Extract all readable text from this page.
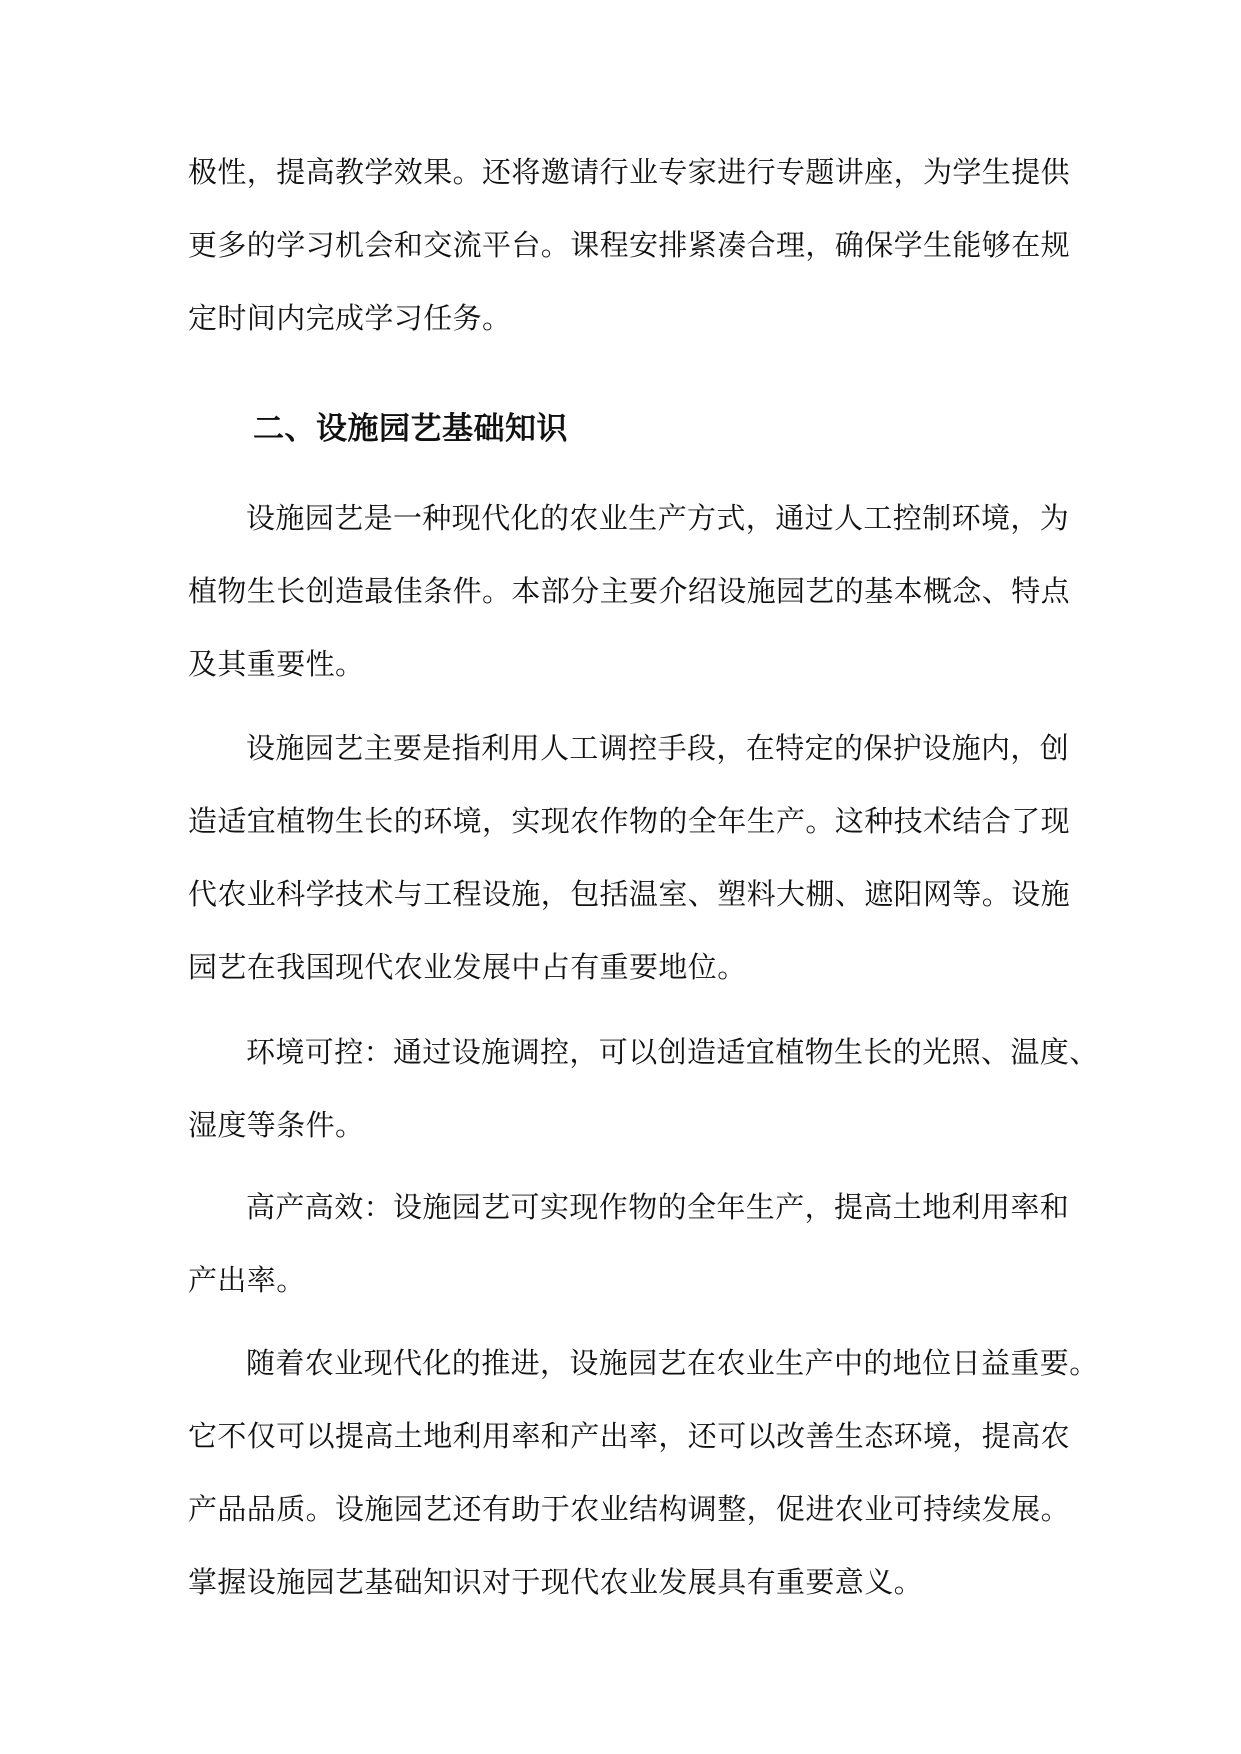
极性，提高教学效果。还将邀请行业专家进行专题讲座，为学生提供
更多的学习机会和交流平台。课程安排紧凑合理，确保学生能够在规
定时间内完成学习任务。
二、设施园艺基础知识
设施园艺是一种现代化的农业生产方式，通过人工控制环境，为
植物生长创造最佳条件。本部分主要介绍设施园艺的基本概念、特点
及其重要性。
设施园艺主要是指利用人工调控手段，在特定的保护设施内，创
造适宜植物生长的环境，实现农作物的全年生产。这种技术结合了现
代农业科学技术与工程设施，包括温室、塑料大棚、遮阳网等。设施
园艺在我国现代农业发展中占有重要地位。
环境可控：通过设施调控，可以创造适宜植物生长的光照、温度、
湿度等条件。
高产高效：设施园艺可实现作物的全年生产，提高土地利用率和
产出率。
随着农业现代化的推进，设施园艺在农业生产中的地位日益重要。
它不仅可以提高土地利用率和产出率，还可以改善生态环境，提高农
产品品质。设施园艺还有助于农业结构调整，促进农业可持续发展。
掌握设施园艺基础知识对于现代农业发展具有重要意义。
